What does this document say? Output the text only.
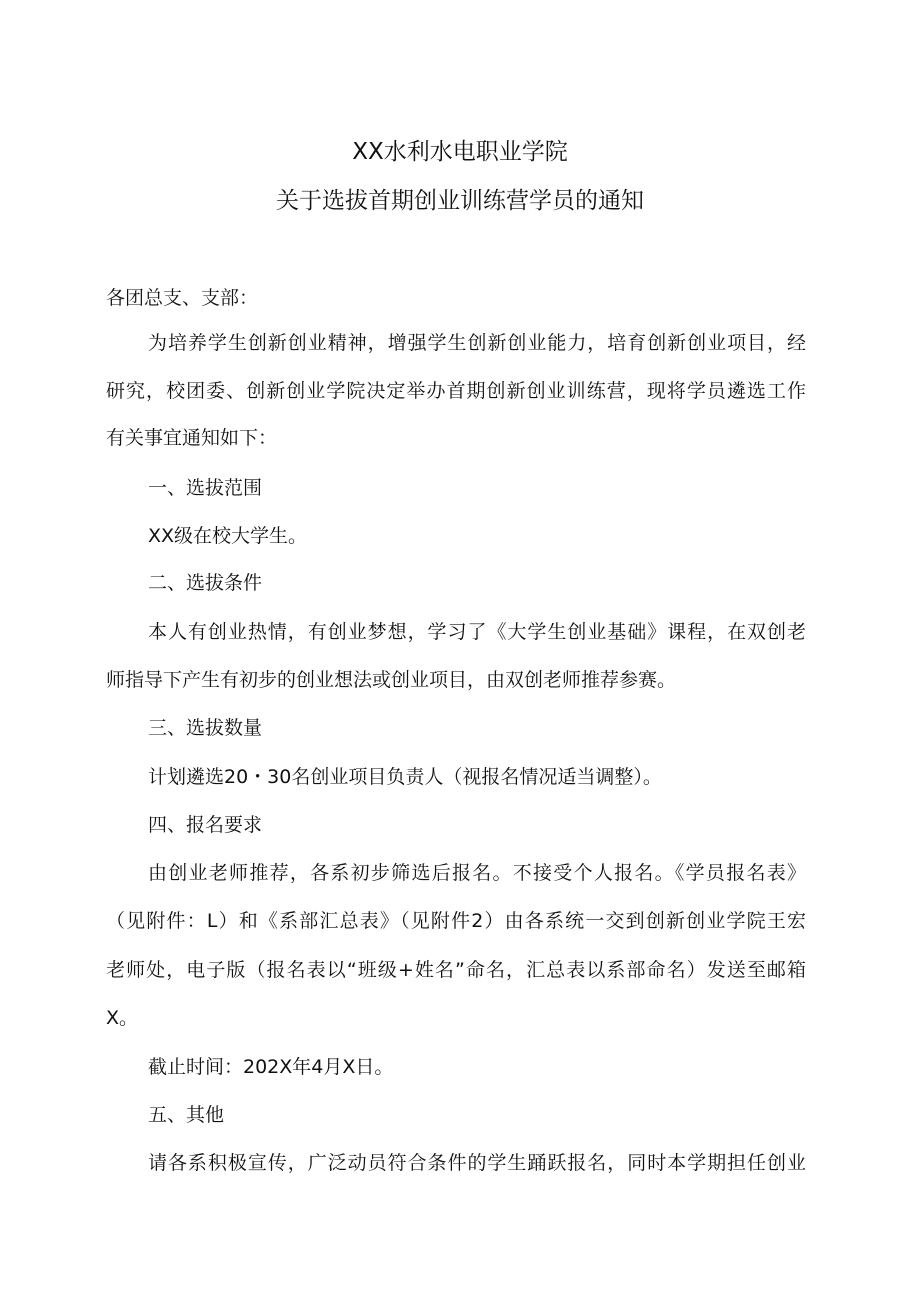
XX水利水电职业学院
关于选拔首期创业训练营学员的通知
各团总支、支部：
为培养学生创新创业精神，增强学生创新创业能力，培育创新创业项目，经
研究，校团委、创新创业学院决定举办首期创新创业训练营，现将学员遴选工作
有关事宜通知如下：
一、选拔范围
XX级在校大学生。
二、选拔条件
本人有创业热情，有创业梦想，学习了《大学生创业基础》课程，在双创老
师指导下产生有初步的创业想法或创业项目，由双创老师推荐参赛。
三、选拔数量
计划遴选20・30名创业项目负责人（视报名情况适当调整）。
四、报名要求
由创业老师推荐，各系初步筛选后报名。不接受个人报名。《学员报名表》
（见附件：L）和《系部汇总表》（见附件2）由各系统一交到创新创业学院王宏
老师处，电子版（报名表以“班级+姓名”命名，汇总表以系部命名）发送至邮箱
X。
截止时间：202X年4月X日。
五、其他
请各系积极宣传，广泛动员符合条件的学生踊跃报名，同时本学期担任创业
